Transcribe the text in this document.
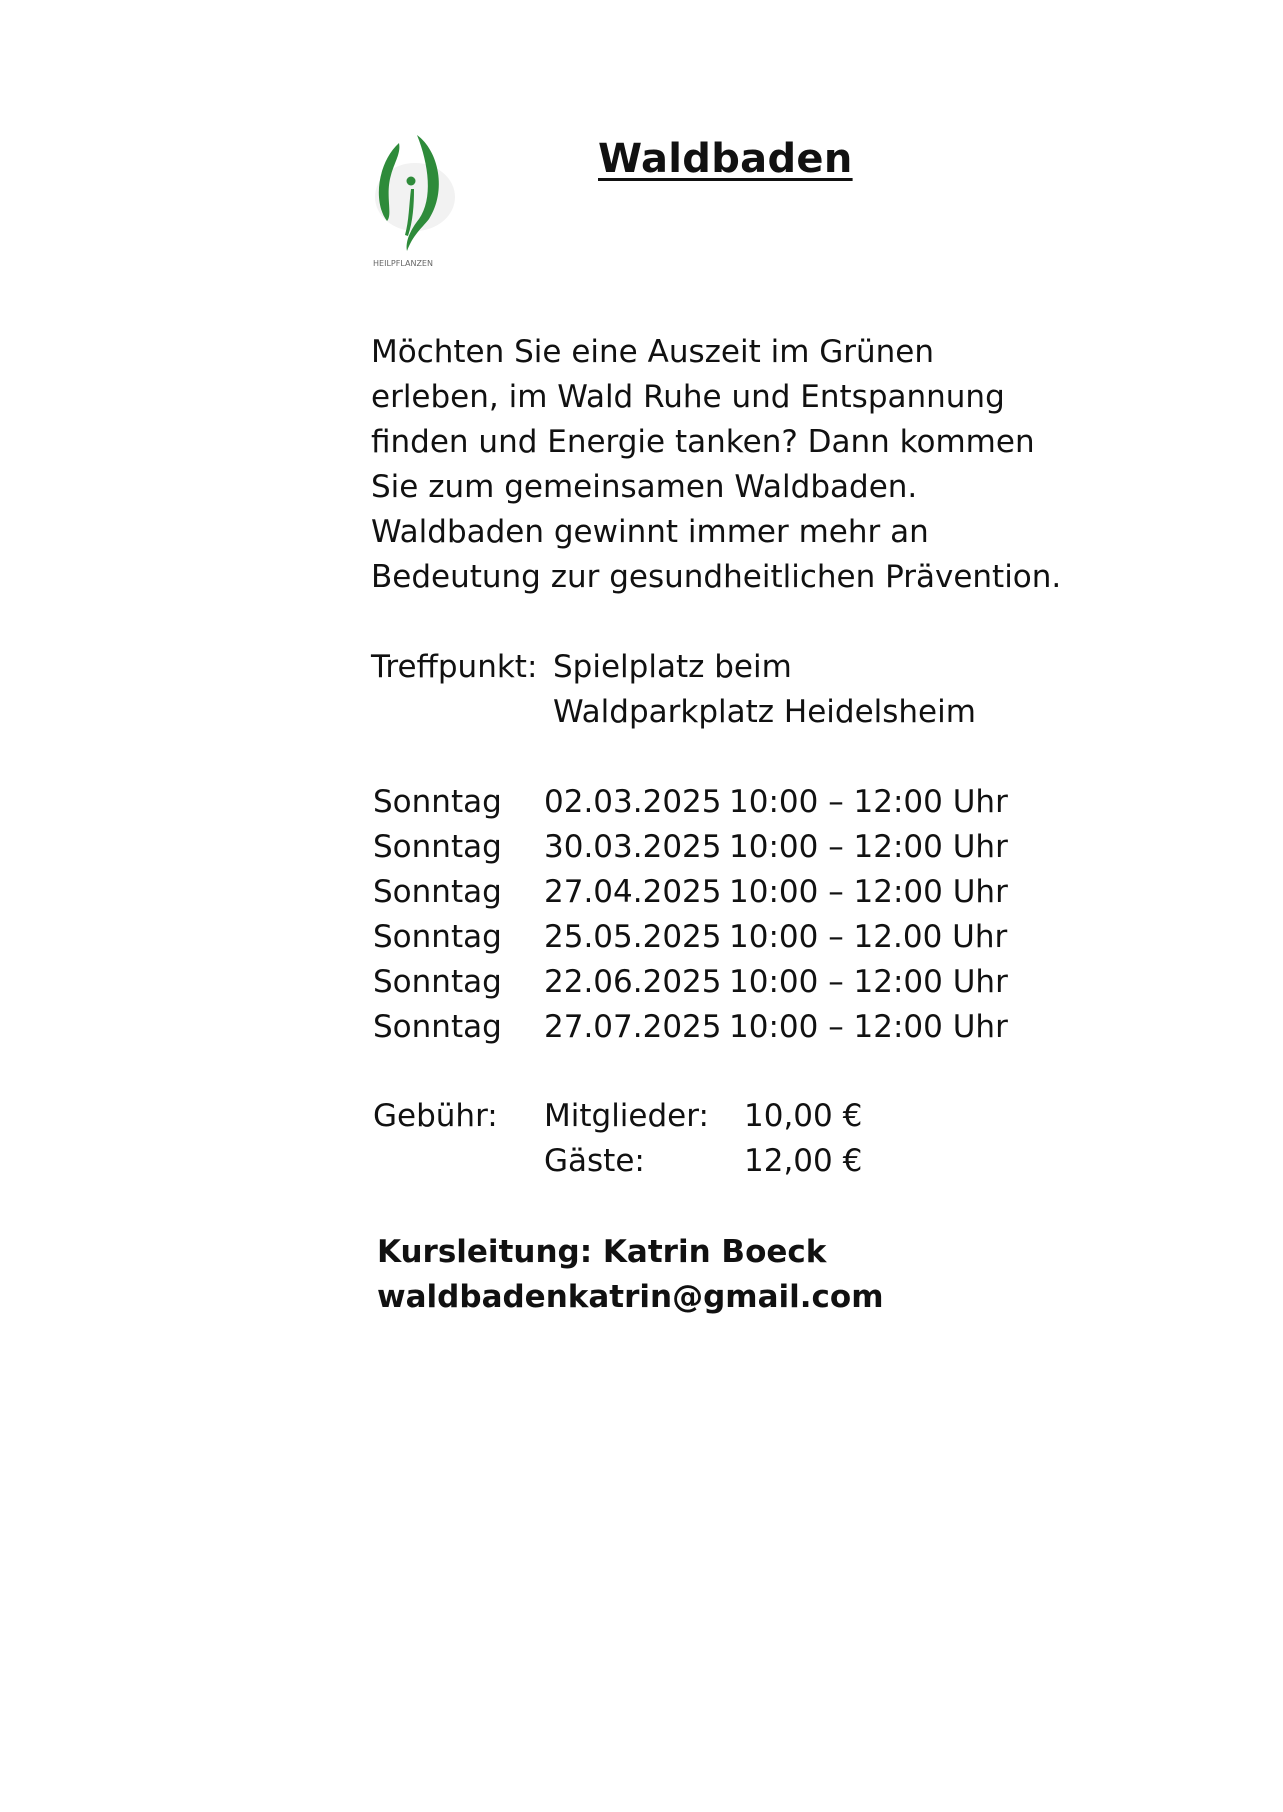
HEILPFLANZEN
Waldbaden
Möchten Sie eine Auszeit im Grünen
erleben, im Wald Ruhe und Entspannung
finden und Energie tanken? Dann kommen
Sie zum gemeinsamen Waldbaden.
Waldbaden gewinnt immer mehr an
Bedeutung zur gesundheitlichen Prävention.
Treffpunkt: Spielplatz beim
Waldparkplatz Heidelsheim
Sonntag 02.03.2025 10:00 – 12:00 Uhr
Sonntag 30.03.2025 10:00 – 12:00 Uhr
Sonntag 27.04.2025 10:00 – 12:00 Uhr
Sonntag 25.05.2025 10:00 – 12.00 Uhr
Sonntag 22.06.2025 10:00 – 12:00 Uhr
Sonntag 27.07.2025 10:00 – 12:00 Uhr
Gebühr: Mitglieder: 10,00 €
Gäste:	12,00 €
Kursleitung: Katrin Boeck
waldbadenkatrin@gmail.com
